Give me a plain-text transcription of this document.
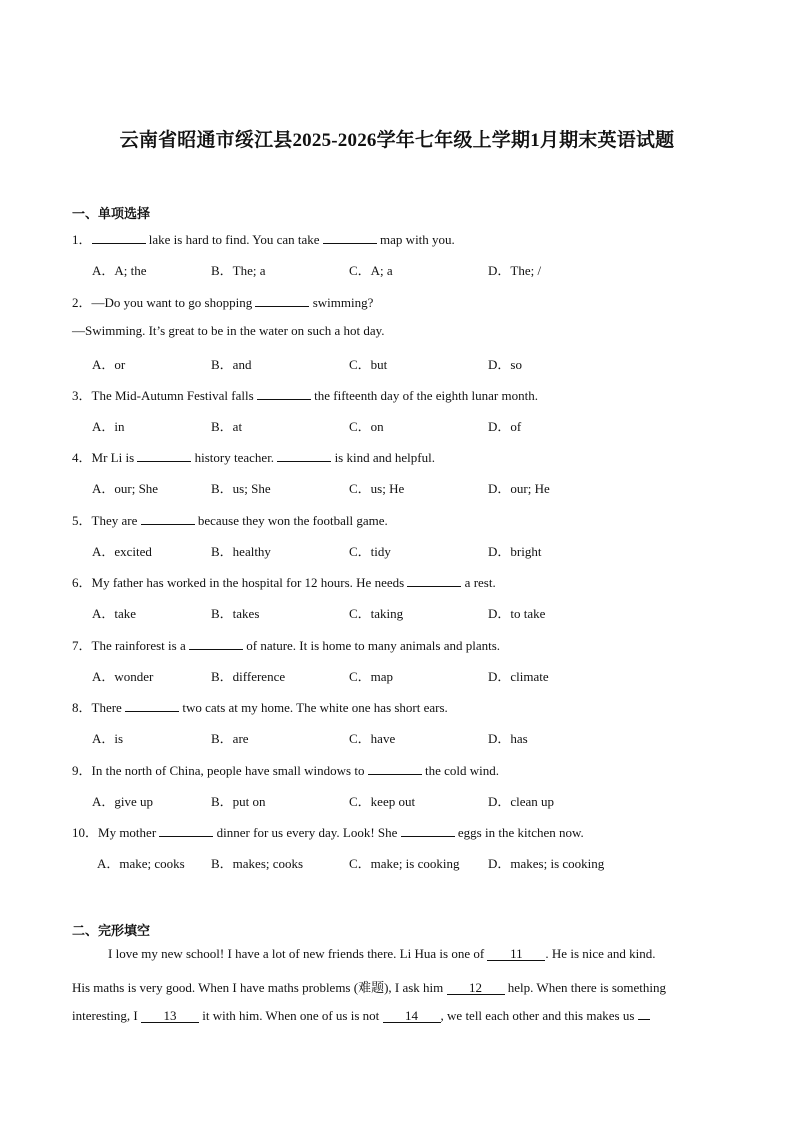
云南省昭通市绥江县2025-2026学年七年级上学期1月期末英语试题
一、单项选择
1．	lake is hard to find. You can take	map with you.
A．A; the	B．The; a	C．A; a	D．The; /
2．—Do you want to go shopping	swimming?
—Swimming. It’s great to be in the water on such a hot day.
A．or	B．and	C．but	D．so
3．The Mid-Autumn Festival falls	the fifteenth day of the eighth lunar month.
A．in	B．at	C．on	D．of
4．Mr Li is	history teacher.	is kind and helpful.
A．our; She	B．us; She	C．us; He	D．our; He
5．They are	because they won the football game.
A．excited	B．healthy	C．tidy	D．bright
6．My father has worked in the hospital for 12 hours. He needs	a rest.
A．take	B．takes	C．taking	D．to take
7．The rainforest is a	of nature. It is home to many animals and plants.
A．wonder	B．difference	C．map	D．climate
8．There	two cats at my home. The white one has short ears.
A．is	B．are	C．have	D．has
9．In the north of China, people have small windows to	the cold wind.
A．give up	B．put on	C．keep out	D．clean up
10．My mother	dinner for us every day. Look! She	eggs in the kitchen now.
A．make; cooks B．makes; cooks	C．make; is cooking D．makes; is cooking
二、完形填空
I love my new school! I have a lot of new friends there. Li Hua is one of 11 . He is nice and kind.
His maths is very good. When I have maths problems (难题), I ask him 12 help. When there is something
interesting, I 13 it with him. When one of us is not 14 , we tell each other and this makes us
